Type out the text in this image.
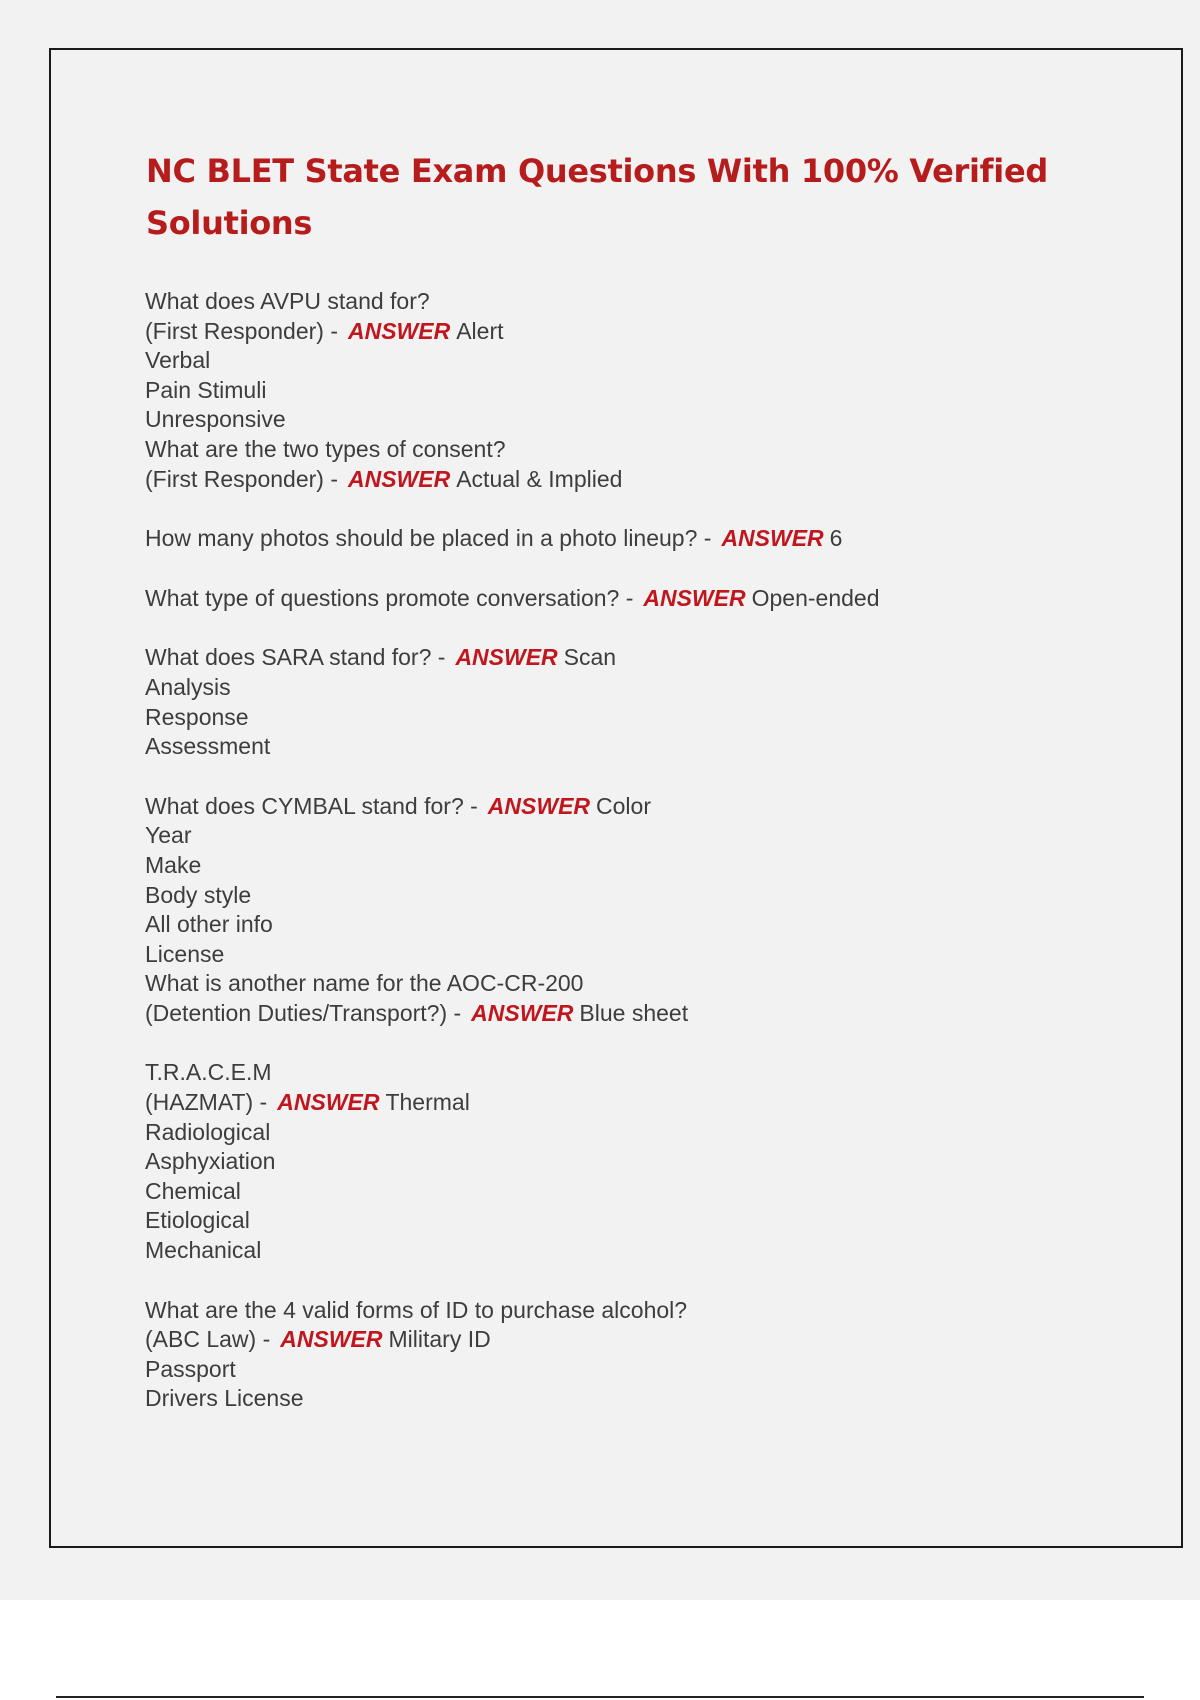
NC BLET State Exam Questions With 100% Verified Solutions
What does AVPU stand for?
(First Responder) - ANSWER Alert
Verbal
Pain Stimuli
Unresponsive
What are the two types of consent?
(First Responder) - ANSWER Actual & Implied
How many photos should be placed in a photo lineup? - ANSWER 6
What type of questions promote conversation? - ANSWER Open-ended
What does SARA stand for? - ANSWER Scan
Analysis
Response
Assessment
What does CYMBAL stand for? - ANSWER Color
Year
Make
Body style
All other info
License
What is another name for the AOC-CR-200
(Detention Duties/Transport?) - ANSWER Blue sheet
T.R.A.C.E.M
(HAZMAT) - ANSWER Thermal
Radiological
Asphyxiation
Chemical
Etiological
Mechanical
What are the 4 valid forms of ID to purchase alcohol?
(ABC Law) - ANSWER Military ID
Passport
Drivers License
